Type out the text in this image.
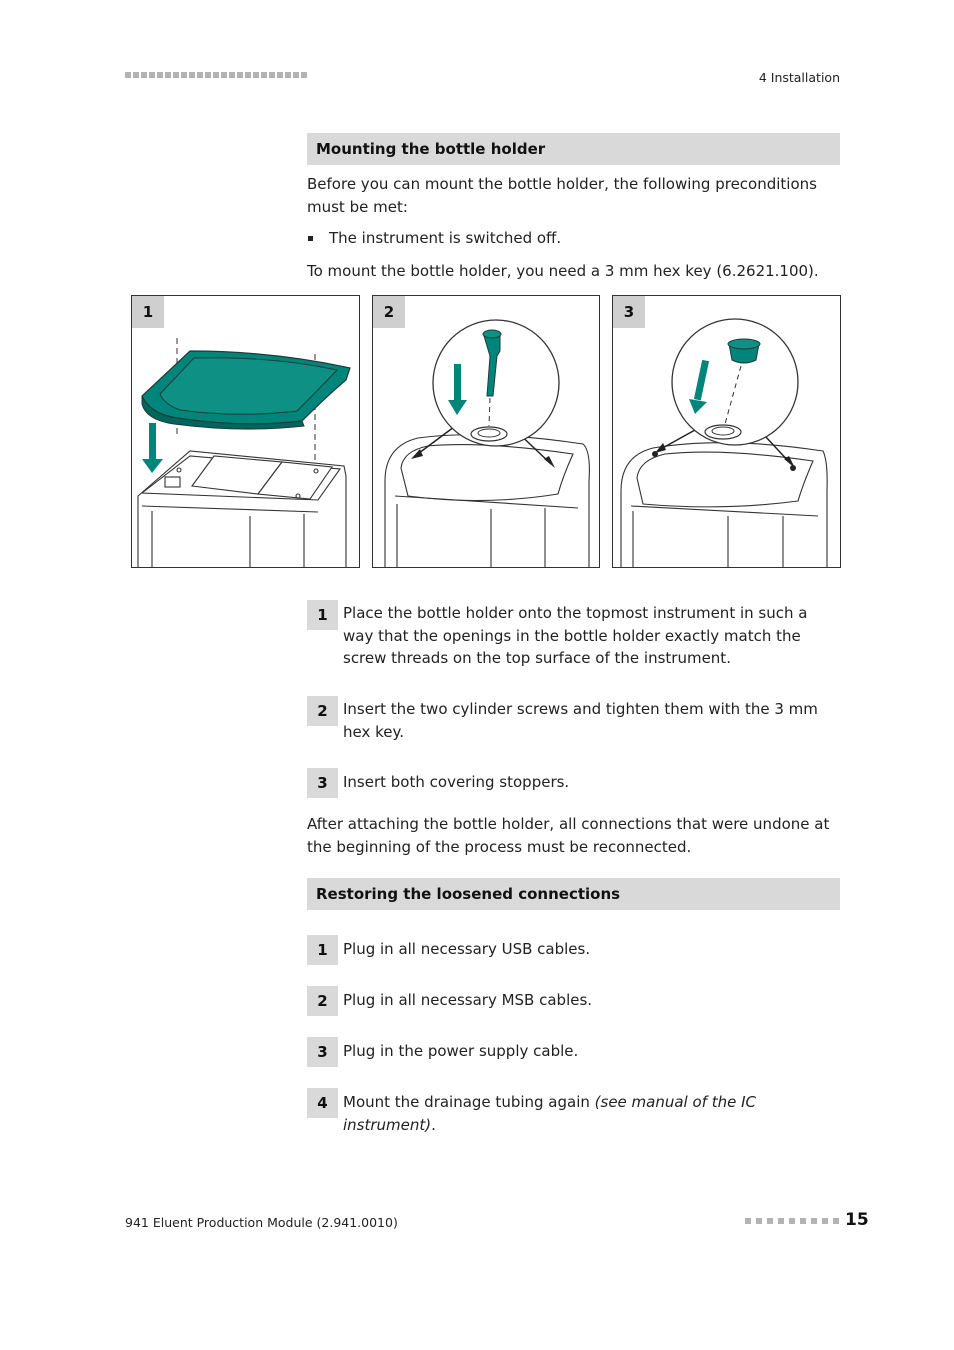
4 Installation
Mounting the bottle holder
Before you can mount the bottle holder, the following preconditions must be met:
The instrument is switched off.
To mount the bottle holder, you need a 3 mm hex key (6.2621.100).
1	2	3
1	Place the bottle holder onto the topmost instrument in such a way that the openings in the bottle holder exactly match the screw threads on the top surface of the instrument.
2	Insert the two cylinder screws and tighten them with the 3 mm hex key.
3	Insert both covering stoppers.
After attaching the bottle holder, all connections that were undone at the beginning of the process must be reconnected.
Restoring the loosened connections
1	Plug in all necessary USB cables.
2	Plug in all necessary MSB cables.
3	Plug in the power supply cable.
4	Mount the drainage tubing again (see manual of the IC instrument).
941 Eluent Production Module (2.941.0010)	15
